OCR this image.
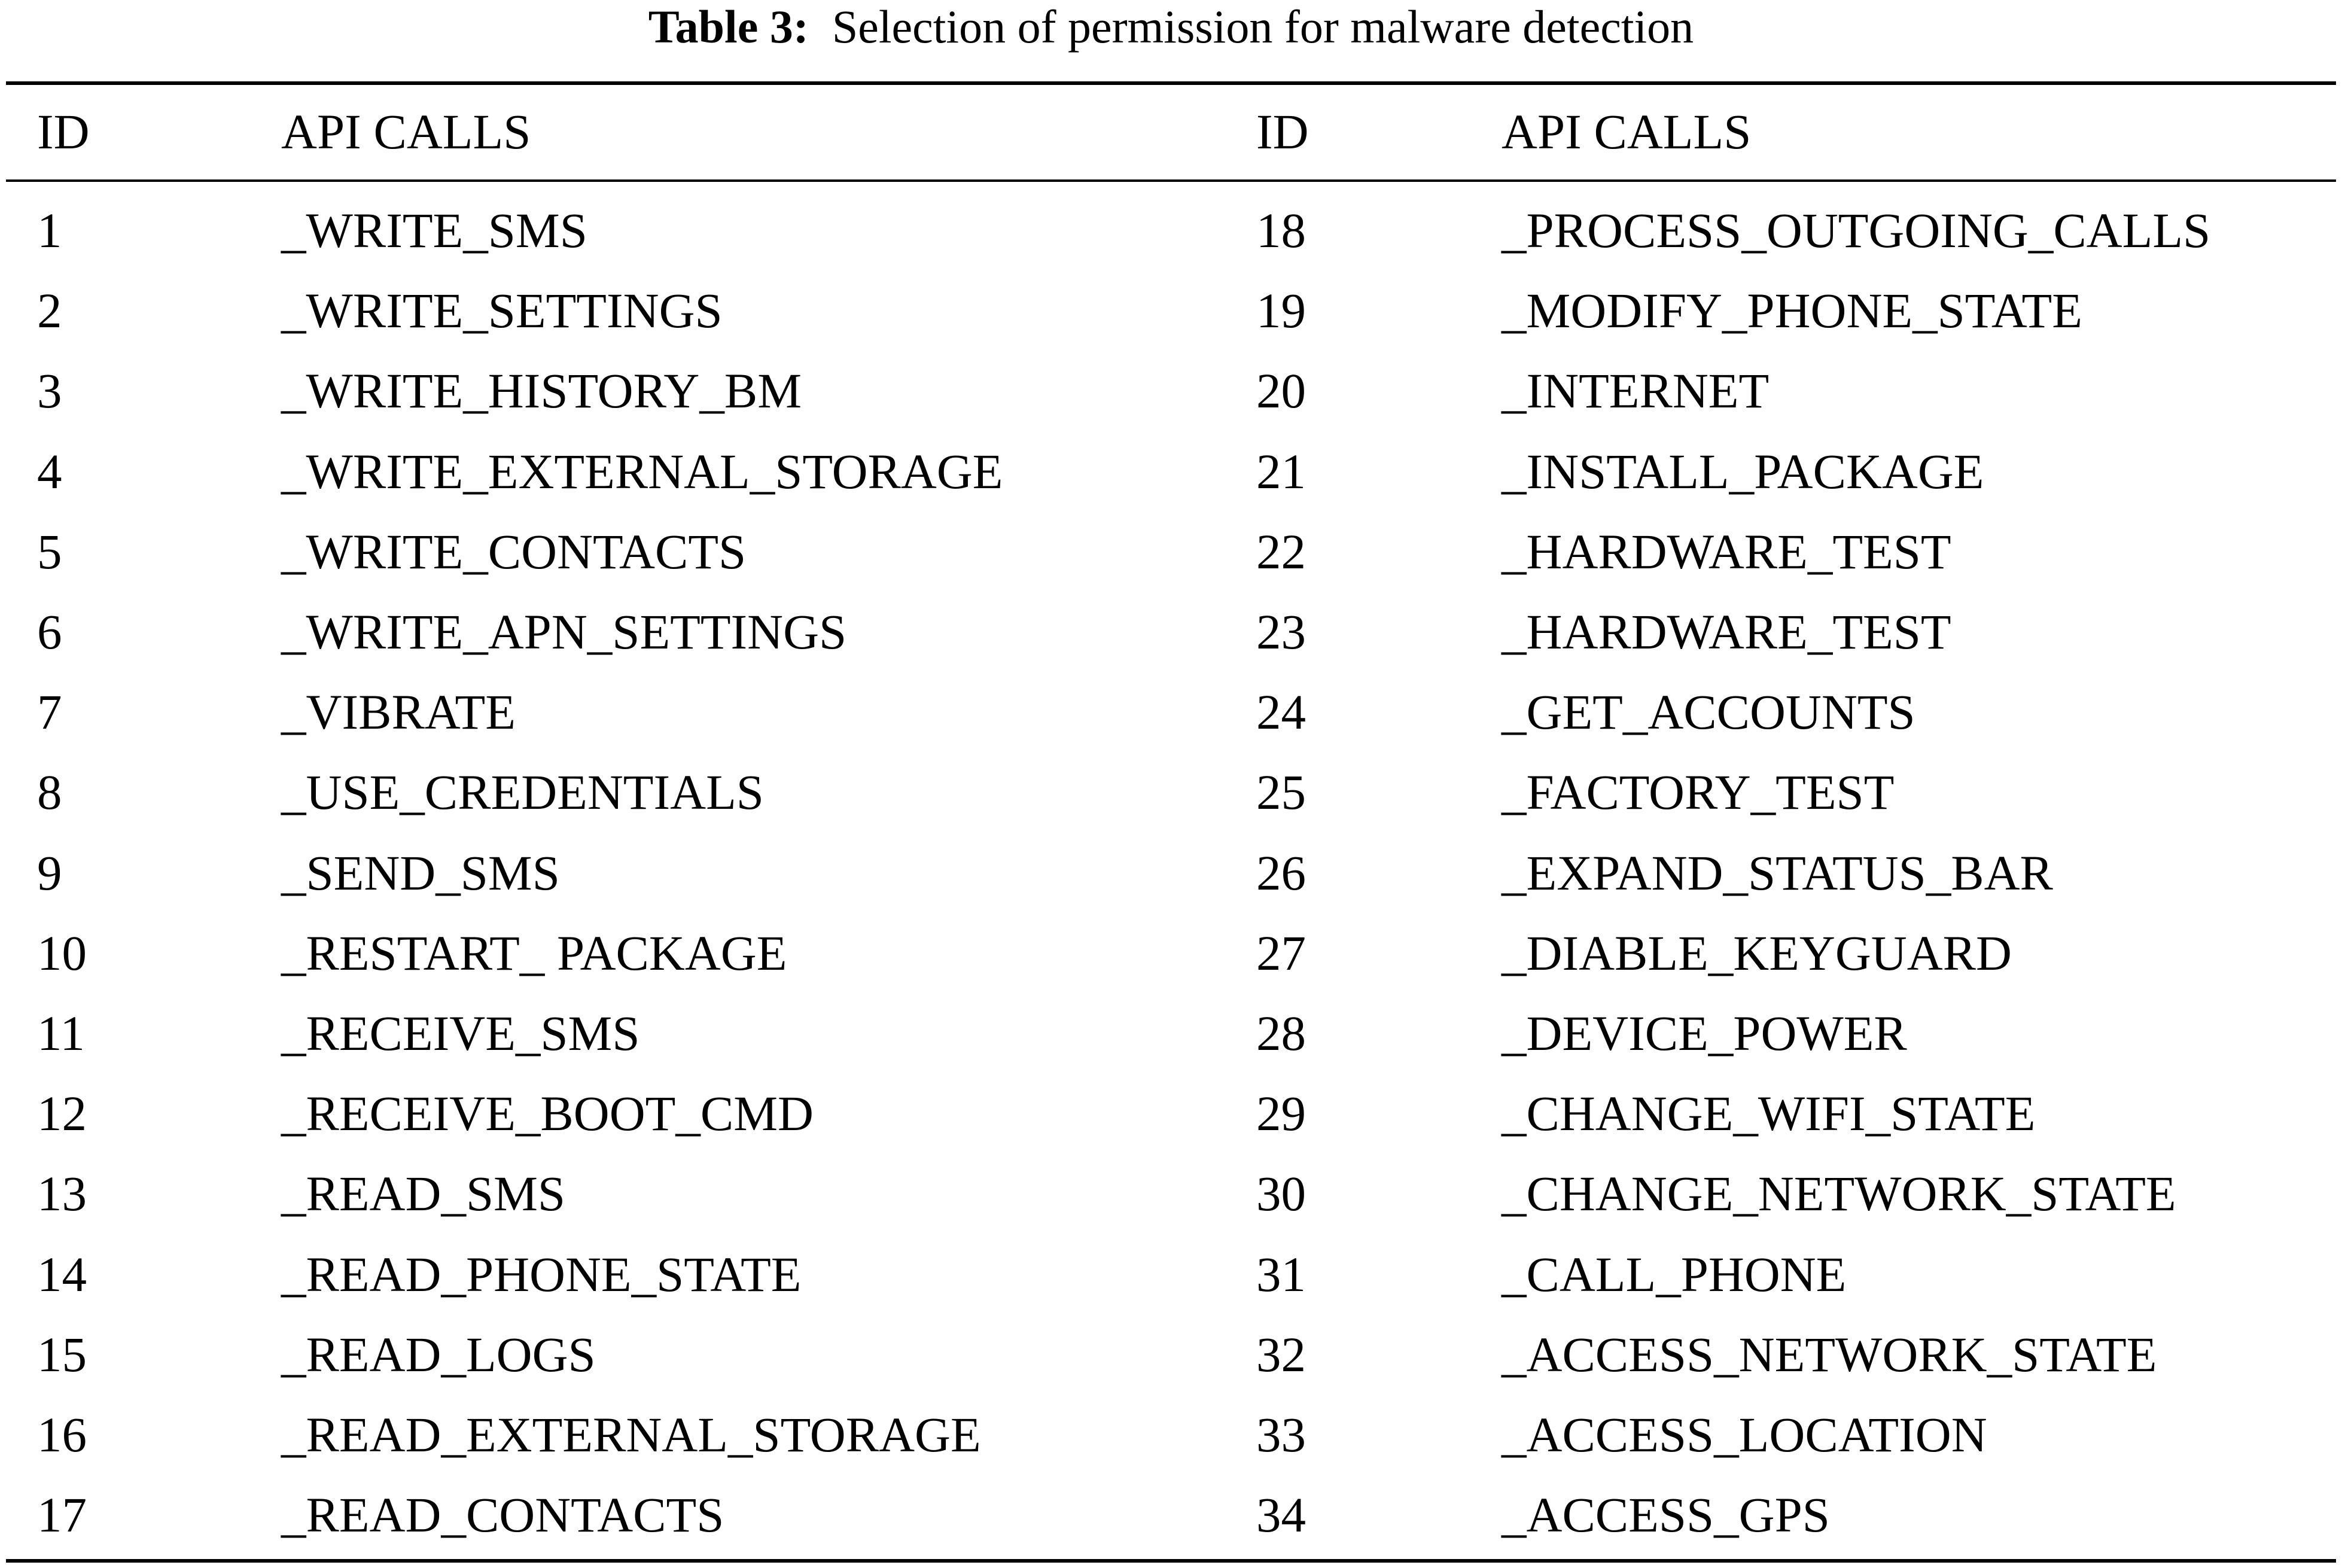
Table 3: Selection of permission for malware detection
ID	API CALLS	ID	API CALLS
1	_WRITE_SMS	18	_PROCESS_OUTGOING_CALLS
2	_WRITE_SETTINGS	19	_MODIFY_PHONE_STATE
3	_WRITE_HISTORY_BM	20	_INTERNET
4	_WRITE_EXTERNAL_STORAGE	21	_INSTALL_PACKAGE
5	_WRITE_CONTACTS	22	_HARDWARE_TEST
6	_WRITE_APN_SETTINGS	23	_HARDWARE_TEST
7	_VIBRATE	24	_GET_ACCOUNTS
8	_USE_CREDENTIALS	25	_FACTORY_TEST
9	_SEND_SMS	26	_EXPAND_STATUS_BAR
10	_RESTART_ PACKAGE	27	_DIABLE_KEYGUARD
11	_RECEIVE_SMS	28	_DEVICE_POWER
12	_RECEIVE_BOOT_CMD	29	_CHANGE_WIFI_STATE
13	_READ_SMS	30	_CHANGE_NETWORK_STATE
14	_READ_PHONE_STATE	31	_CALL_PHONE
15	_READ_LOGS	32	_ACCESS_NETWORK_STATE
16	_READ_EXTERNAL_STORAGE	33	_ACCESS_LOCATION
17	_READ_CONTACTS	34	_ACCESS_GPS
